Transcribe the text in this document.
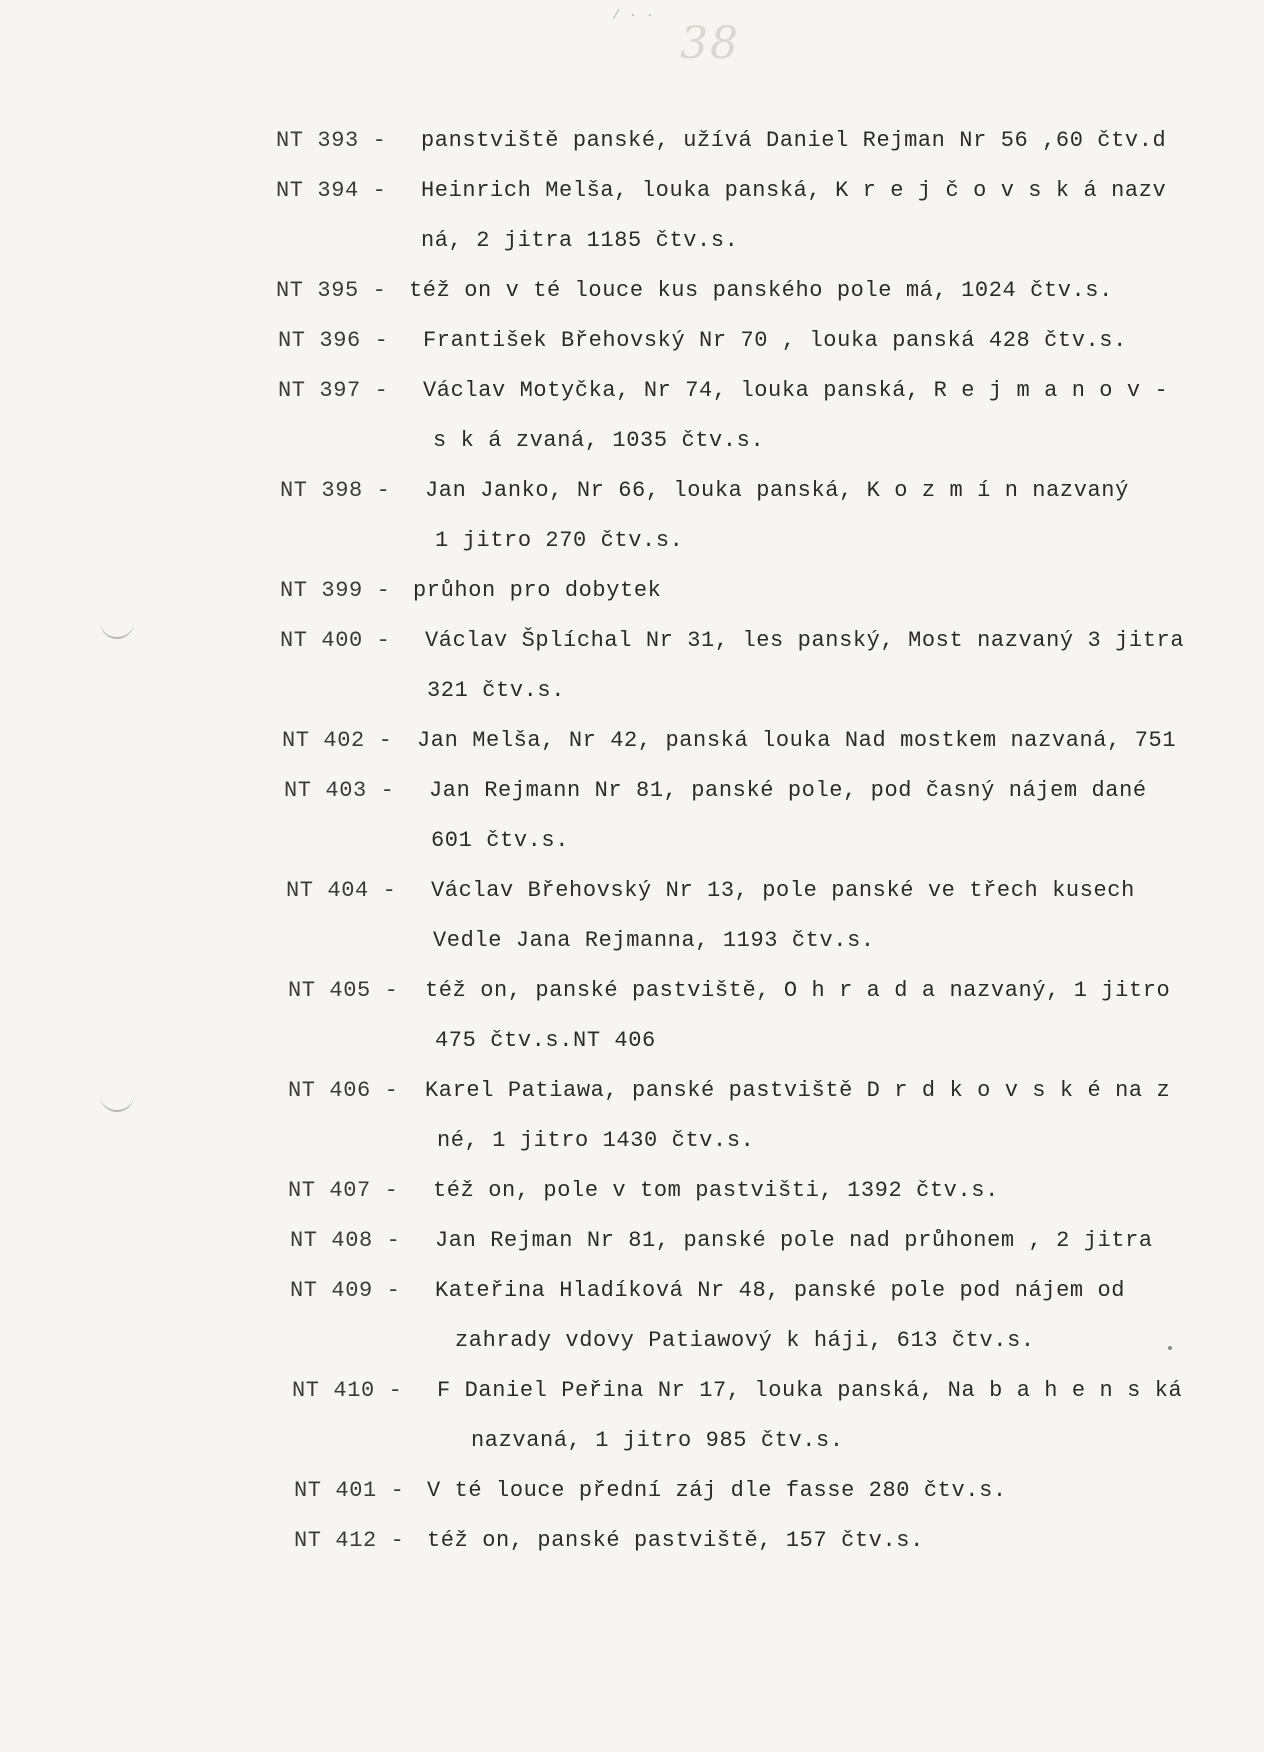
/ · ·
38
NT 393 - panstviště panské, užívá Daniel Rejman Nr 56 ,60 čtv.d
NT 394 - Heinrich Melša, louka panská, K r e j č o v s k á nazv
ná, 2 jitra 1185 čtv.s.
NT 395 - též on v té louce kus panského pole má, 1024 čtv.s.
NT 396 - František Břehovský Nr 70 , louka panská 428 čtv.s.
NT 397 - Václav Motyčka, Nr 74, louka panská, R e j m a n o v -
s k á zvaná, 1035 čtv.s.
NT 398 - Jan Janko, Nr 66, louka panská, K o z m í n nazvaný
1 jitro 270 čtv.s.
NT 399 - průhon pro dobytek
NT 400 - Václav Šplíchal Nr 31, les panský, Most nazvaný 3 jitra
321 čtv.s.
NT 402 - Jan Melša, Nr 42, panská louka Nad mostkem nazvaná, 751
NT 403 - Jan Rejmann Nr 81, panské pole, pod časný nájem dané
601 čtv.s.
NT 404 - Václav Břehovský Nr 13, pole panské ve třech kusech
Vedle Jana Rejmanna, 1193 čtv.s.
NT 405 - též on, panské pastviště, O h r a d a nazvaný, 1 jitro
475 čtv.s.NT 406
NT 406 - Karel Patiawa, panské pastviště D r d k o v s k é na z
né, 1 jitro 1430 čtv.s.
NT 407 - též on, pole v tom pastvišti, 1392 čtv.s.
NT 408 - Jan Rejman Nr 81, panské pole nad průhonem , 2 jitra
NT 409 - Kateřina Hladíková Nr 48, panské pole pod nájem od
zahrady vdovy Patiawový k háji, 613 čtv.s.
NT 410 - F Daniel Peřina Nr 17, louka panská, Na b a h e n s ká
nazvaná, 1 jitro 985 čtv.s.
NT 401 - V té louce přední záj dle fasse 280 čtv.s.
NT 412 - též on, panské pastviště, 157 čtv.s.
